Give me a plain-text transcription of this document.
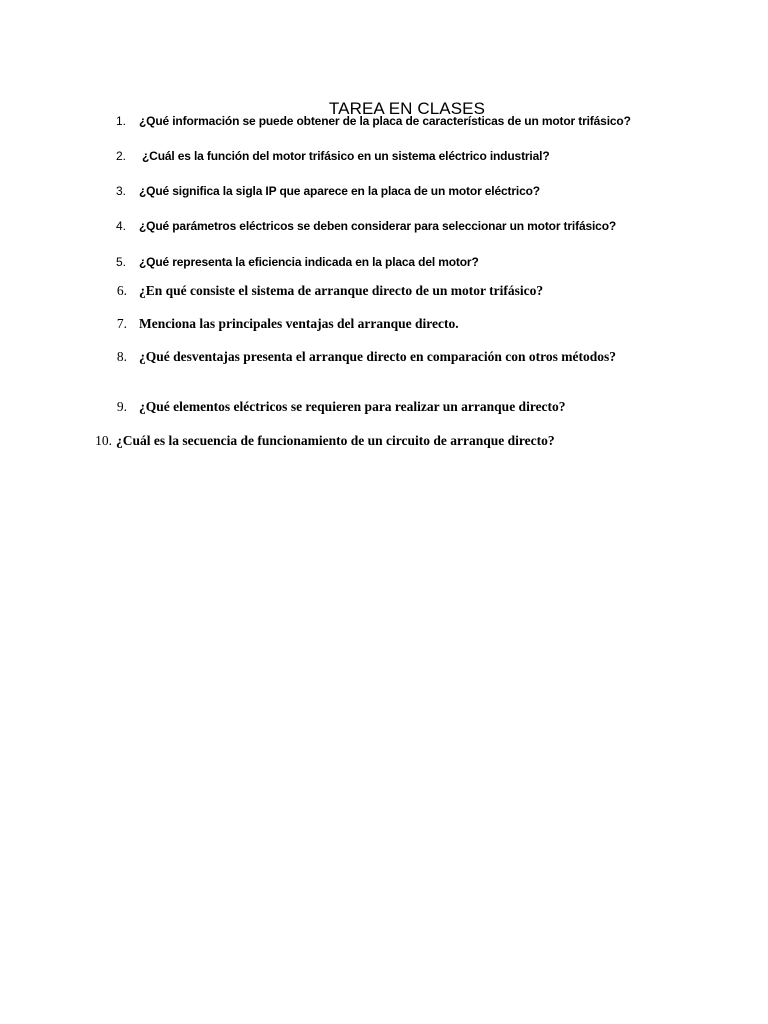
TAREA EN CLASES
1. ¿Qué información se puede obtener de la placa de características de un motor trifásico?
2. ¿Cuál es la función del motor trifásico en un sistema eléctrico industrial?
3. ¿Qué significa la sigla IP que aparece en la placa de un motor eléctrico?
4. ¿Qué parámetros eléctricos se deben considerar para seleccionar un motor trifásico?
5. ¿Qué representa la eficiencia indicada en la placa del motor?
6. ¿En qué consiste el sistema de arranque directo de un motor trifásico?
7. Menciona las principales ventajas del arranque directo.
8. ¿Qué desventajas presenta el arranque directo en comparación con otros métodos?
9. ¿Qué elementos eléctricos se requieren para realizar un arranque directo?
10. ¿Cuál es la secuencia de funcionamiento de un circuito de arranque directo?
